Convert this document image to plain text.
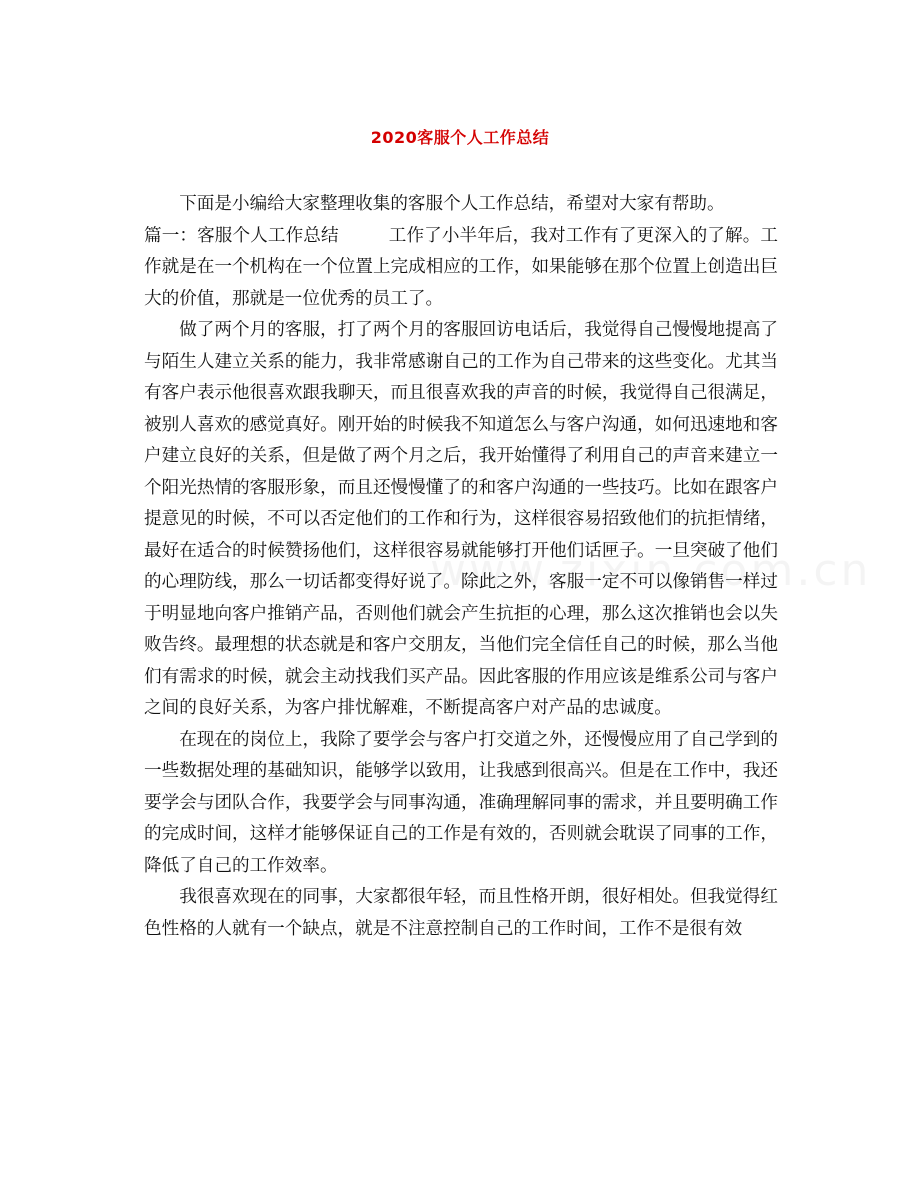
2020客服个人工作总结

下面是小编给大家整理收集的客服个人工作总结，希望对大家有帮助。

篇一：客服个人工作总结	工作了小半年后，我对工作有了更深入的了解。工作就是在一个机构在一个位置上完成相应的工作，如果能够在那个位置上创造出巨大的价值，那就是一位优秀的员工了。

做了两个月的客服，打了两个月的客服回访电话后，我觉得自己慢慢地提高了与陌生人建立关系的能力，我非常感谢自己的工作为自己带来的这些变化。尤其当有客户表示他很喜欢跟我聊天，而且很喜欢我的声音的时候，我觉得自己很满足，被别人喜欢的感觉真好。刚开始的时候我不知道怎么与客户沟通，如何迅速地和客户建立良好的关系，但是做了两个月之后，我开始懂得了利用自己的声音来建立一个阳光热情的客服形象，而且还慢慢懂了的和客户沟通的一些技巧。比如在跟客户提意见的时候，不可以否定他们的工作和行为，这样很容易招致他们的抗拒情绪，最好在适合的时候赞扬他们，这样很容易就能够打开他们话匣子。一旦突破了他们的心理防线，那么一切话都变得好说了。除此之外，客服一定不可以像销售一样过于明显地向客户推销产品，否则他们就会产生抗拒的心理，那么这次推销也会以失败告终。最理想的状态就是和客户交朋友，当他们完全信任自己的时候，那么当他们有需求的时候，就会主动找我们买产品。因此客服的作用应该是维系公司与客户之间的良好关系，为客户排忧解难，不断提高客户对产品的忠诚度。

在现在的岗位上，我除了要学会与客户打交道之外，还慢慢应用了自己学到的一些数据处理的基础知识，能够学以致用，让我感到很高兴。但是在工作中，我还要学会与团队合作，我要学会与同事沟通，准确理解同事的需求，并且要明确工作的完成时间，这样才能够保证自己的工作是有效的，否则就会耽误了同事的工作，降低了自己的工作效率。

我很喜欢现在的同事，大家都很年轻，而且性格开朗，很好相处。但我觉得红色性格的人就有一个缺点，就是不注意控制自己的工作时间，工作不是很有效
